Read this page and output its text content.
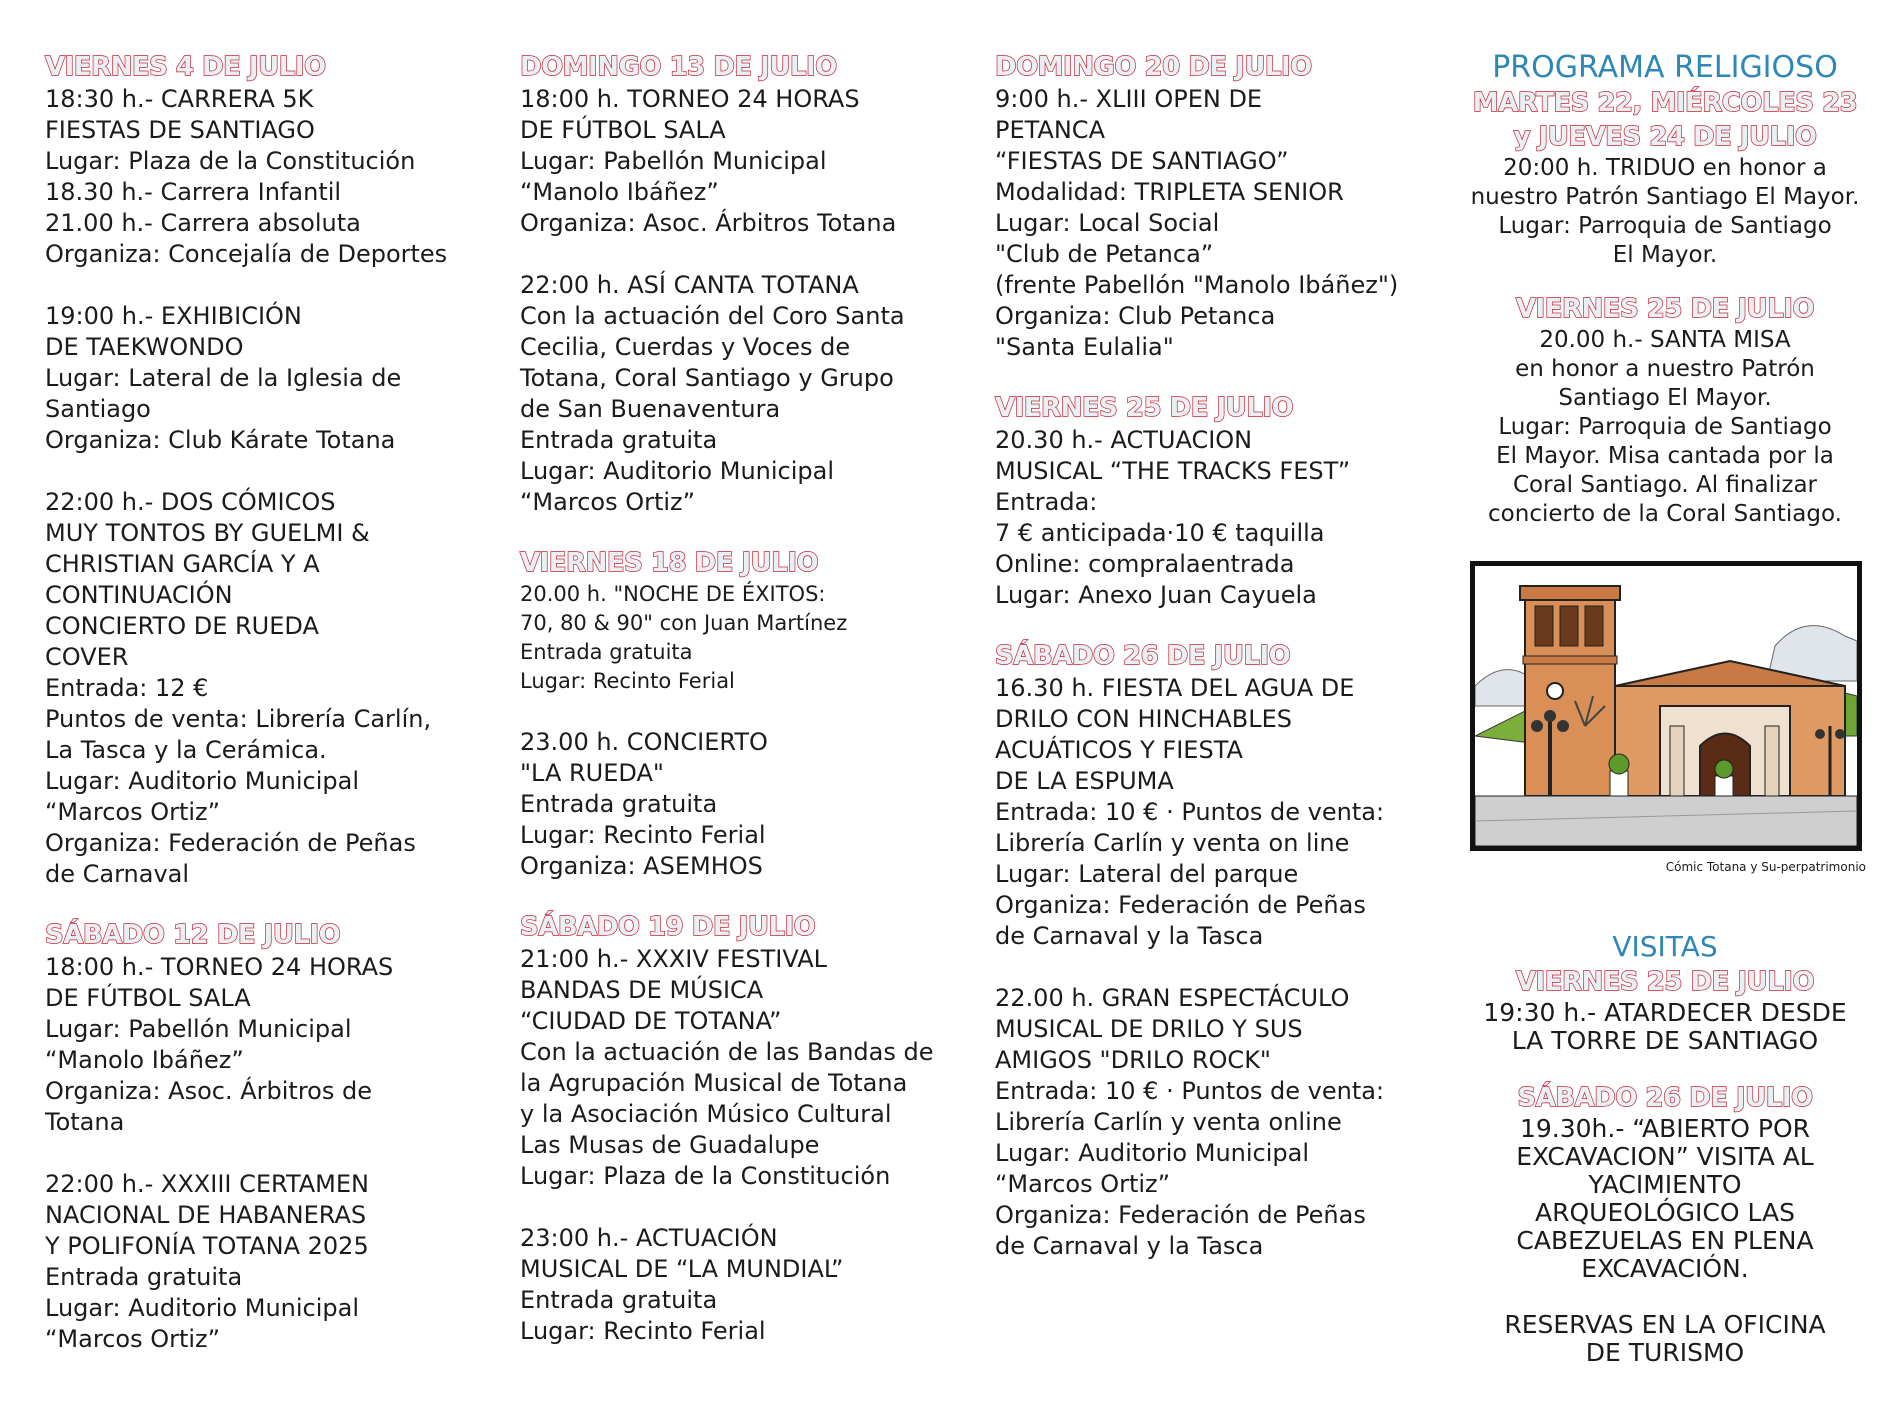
VIERNES 4 DE JULIO
18:30 h.- CARRERA 5K
FIESTAS DE SANTIAGO
Lugar: Plaza de la Constitución
18.30 h.- Carrera Infantil
21.00 h.- Carrera absoluta
Organiza: Concejalía de Deportes
19:00 h.- EXHIBICIÓN
DE TAEKWONDO
Lugar: Lateral de la Iglesia de
Santiago
Organiza: Club Kárate Totana
22:00 h.- DOS CÓMICOS
MUY TONTOS BY GUELMI &
CHRISTIAN GARCÍA Y A
CONTINUACIÓN
CONCIERTO DE RUEDA
COVER
Entrada: 12 €
Puntos de venta: Librería Carlín,
La Tasca y la Cerámica.
Lugar: Auditorio Municipal
“Marcos Ortiz”
Organiza: Federación de Peñas
de Carnaval
SÁBADO 12 DE JULIO
18:00 h.- TORNEO 24 HORAS
DE FÚTBOL SALA
Lugar: Pabellón Municipal
“Manolo Ibáñez”
Organiza: Asoc. Árbitros de
Totana
22:00 h.- XXXIII CERTAMEN
NACIONAL DE HABANERAS
Y POLIFONÍA TOTANA 2025
Entrada gratuita
Lugar: Auditorio Municipal
“Marcos Ortiz”
DOMINGO 13 DE JULIO
18:00 h. TORNEO 24 HORAS
DE FÚTBOL SALA
Lugar: Pabellón Municipal
“Manolo Ibáñez”
Organiza: Asoc. Árbitros Totana
22:00 h. ASÍ CANTA TOTANA
Con la actuación del Coro Santa
Cecilia, Cuerdas y Voces de
Totana, Coral Santiago y Grupo
de San Buenaventura
Entrada gratuita
Lugar: Auditorio Municipal
“Marcos Ortiz”
VIERNES 18 DE JULIO
20.00 h. "NOCHE DE ÉXITOS:
70, 80 & 90" con Juan Martínez
Entrada gratuita
Lugar: Recinto Ferial
23.00 h. CONCIERTO
"LA RUEDA"
Entrada gratuita
Lugar: Recinto Ferial
Organiza: ASEMHOS
SÁBADO 19 DE JULIO
21:00 h.- XXXIV FESTIVAL
BANDAS DE MÚSICA
“CIUDAD DE TOTANA”
Con la actuación de las Bandas de
la Agrupación Musical de Totana
y la Asociación Músico Cultural
Las Musas de Guadalupe
Lugar: Plaza de la Constitución
23:00 h.- ACTUACIÓN
MUSICAL DE “LA MUNDIAL”
Entrada gratuita
Lugar: Recinto Ferial
DOMINGO 20 DE JULIO
9:00 h.- XLIII OPEN DE
PETANCA
“FIESTAS DE SANTIAGO”
Modalidad: TRIPLETA SENIOR
Lugar: Local Social
"Club de Petanca”
(frente Pabellón "Manolo Ibáñez")
Organiza: Club Petanca
"Santa Eulalia"
VIERNES 25 DE JULIO
20.30 h.- ACTUACION
MUSICAL “THE TRACKS FEST”
Entrada:
7 € anticipada·10 € taquilla
Online: compralaentrada
Lugar: Anexo Juan Cayuela
SÁBADO 26 DE JULIO
16.30 h. FIESTA DEL AGUA DE
DRILO CON HINCHABLES
ACUÁTICOS Y FIESTA
DE LA ESPUMA
Entrada: 10 € · Puntos de venta:
Librería Carlín y venta on line
Lugar: Lateral del parque
Organiza: Federación de Peñas
de Carnaval y la Tasca
22.00 h. GRAN ESPECTÁCULO
MUSICAL DE DRILO Y SUS
AMIGOS "DRILO ROCK"
Entrada: 10 € · Puntos de venta:
Librería Carlín y venta online
Lugar: Auditorio Municipal
“Marcos Ortiz”
Organiza: Federación de Peñas
de Carnaval y la Tasca
PROGRAMA RELIGIOSO
MARTES 22, MIÉRCOLES 23
y JUEVES 24 DE JULIO
20:00 h. TRIDUO en honor a
nuestro Patrón Santiago El Mayor.
Lugar: Parroquia de Santiago
El Mayor.
VIERNES 25 DE JULIO
20.00 h.- SANTA MISA
en honor a nuestro Patrón
Santiago El Mayor.
Lugar: Parroquia de Santiago
El Mayor. Misa cantada por la
Coral Santiago. Al finalizar
concierto de la Coral Santiago.
Cómic Totana y Su-perpatrimonio
VISITAS
VIERNES 25 DE JULIO
19:30 h.- ATARDECER DESDE
LA TORRE DE SANTIAGO
SÁBADO 26 DE JULIO
19.30h.- “ABIERTO POR
EXCAVACION” VISITA AL
YACIMIENTO
ARQUEOLÓGICO LAS
CABEZUELAS EN PLENA
EXCAVACIÓN.
RESERVAS EN LA OFICINA
DE TURISMO
